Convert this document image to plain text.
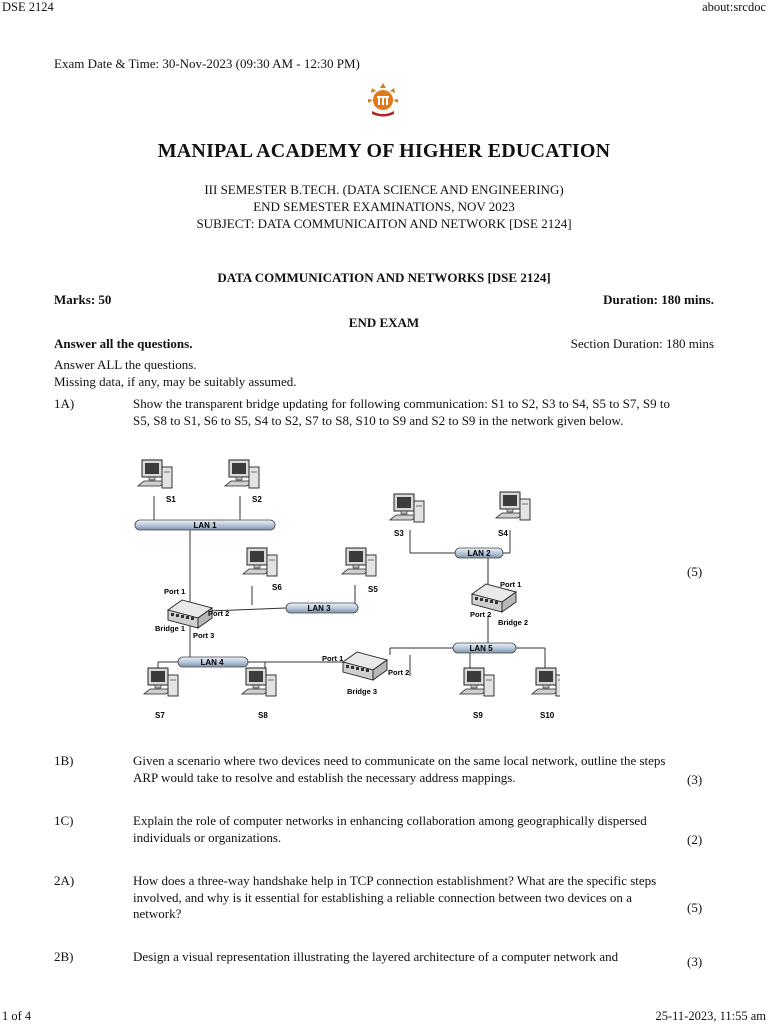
DSE 2124	about:srcdoc
1 of 4	25-11-2023, 11:55 am
Exam Date & Time: 30-Nov-2023 (09:30 AM - 12:30 PM)
MANIPAL ACADEMY OF HIGHER EDUCATION
III SEMESTER B.TECH. (DATA SCIENCE AND ENGINEERING)
END SEMESTER EXAMINATIONS, NOV 2023
SUBJECT: DATA COMMUNICAITON AND NETWORK [DSE 2124]
DATA COMMUNICATION AND NETWORKS [DSE 2124]
Marks: 50	Duration: 180 mins.
END EXAM
Answer all the questions.	Section Duration: 180 mins
Answer ALL the questions.
Missing data, if any, may be suitably assumed.
1A)	Show the transparent bridge updating for following communication: S1 to S2, S3 to S4, S5 to S7, S9 to S5, S8 to S1, S6 to S5, S4 to S2, S7 to S8, S10 to S9 and S2 to S9 in the network given below.
(5)
LAN 1
LAN 2
LAN 3
LAN 4
LAN 5
S1	S2
S3	S4
S6	S5
S7	S8	S9	S10
Port 1
Port 2
Port 3
Bridge 1
Port 1
Port 2
Bridge 2
Port 1
Port 2
Bridge 3
1B)	Given a scenario where two devices need to communicate on the same local network, outline the steps ARP would take to resolve and establish the necessary address mappings.	(3)
1C)	Explain the role of computer networks in enhancing collaboration among geographically dispersed individuals or organizations.	(2)
2A)	How does a three-way handshake help in TCP connection establishment? What are the specific steps involved, and why is it essential for establishing a reliable connection between two devices on a network?	(5)
2B)	Design a visual representation illustrating the layered architecture of a computer network and	(3)
